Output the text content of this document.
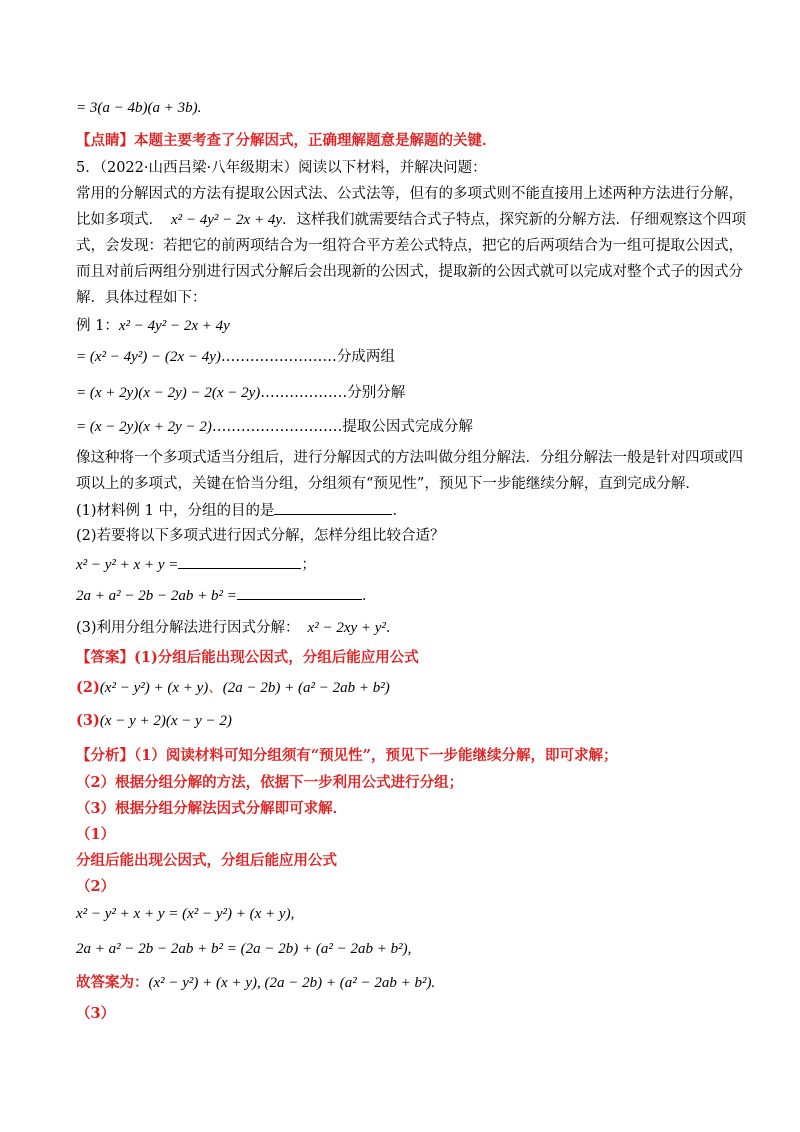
= 3(a − 4b)(a + 3b).
【点睛】本题主要考查了分解因式，正确理解题意是解题的关键．
5．（2022·山西吕梁·八年级期末）阅读以下材料，并解决问题：
常用的分解因式的方法有提取公因式法、公式法等，但有的多项式则不能直接用上述两种方法进行分解，
比如多项式． x² − 4y² − 2x + 4y．这样我们就需要结合式子特点，探究新的分解方法．仔细观察这个四项
式，会发现：若把它的前两项结合为一组符合平方差公式特点，把它的后两项结合为一组可提取公因式，
而且对前后两组分别进行因式分解后会出现新的公因式，提取新的公因式就可以完成对整个式子的因式分
解．具体过程如下：
例 1：x² − 4y² − 2x + 4y
= (x² − 4y²) − (2x − 4y)……………………分成两组
= (x + 2y)(x − 2y) − 2(x − 2y)………………分别分解
= (x − 2y)(x + 2y − 2)………………………提取公因式完成分解
像这种将一个多项式适当分组后，进行分解因式的方法叫做分组分解法．分组分解法一般是针对四项或四
项以上的多项式，关键在恰当分组，分组须有“预见性”，预见下一步能继续分解，直到完成分解．
(1)材料例 1 中，分组的目的是	．
(2)若要将以下多项式进行因式分解，怎样分组比较合适？
x² − y² + x + y =	；
2a + a² − 2b − 2ab + b² =	．
(3)利用分组分解法进行因式分解： x² − 2xy + y²．
【答案】(1)分组后能出现公因式，分组后能应用公式
(2)(x² − y²) + (x + y)、(2a − 2b) + (a² − 2ab + b²)
(3)(x − y + 2)(x − y − 2)
【分析】（1）阅读材料可知分组须有“预见性”，预见下一步能继续分解，即可求解；
（2）根据分组分解的方法，依据下一步利用公式进行分组；
（3）根据分组分解法因式分解即可求解．
（1）
分组后能出现公因式，分组后能应用公式
（2）
x² − y² + x + y = (x² − y²) + (x + y),
2a + a² − 2b − 2ab + b² = (2a − 2b) + (a² − 2ab + b²),
故答案为：(x² − y²) + (x + y), (2a − 2b) + (a² − 2ab + b²).
（3）
